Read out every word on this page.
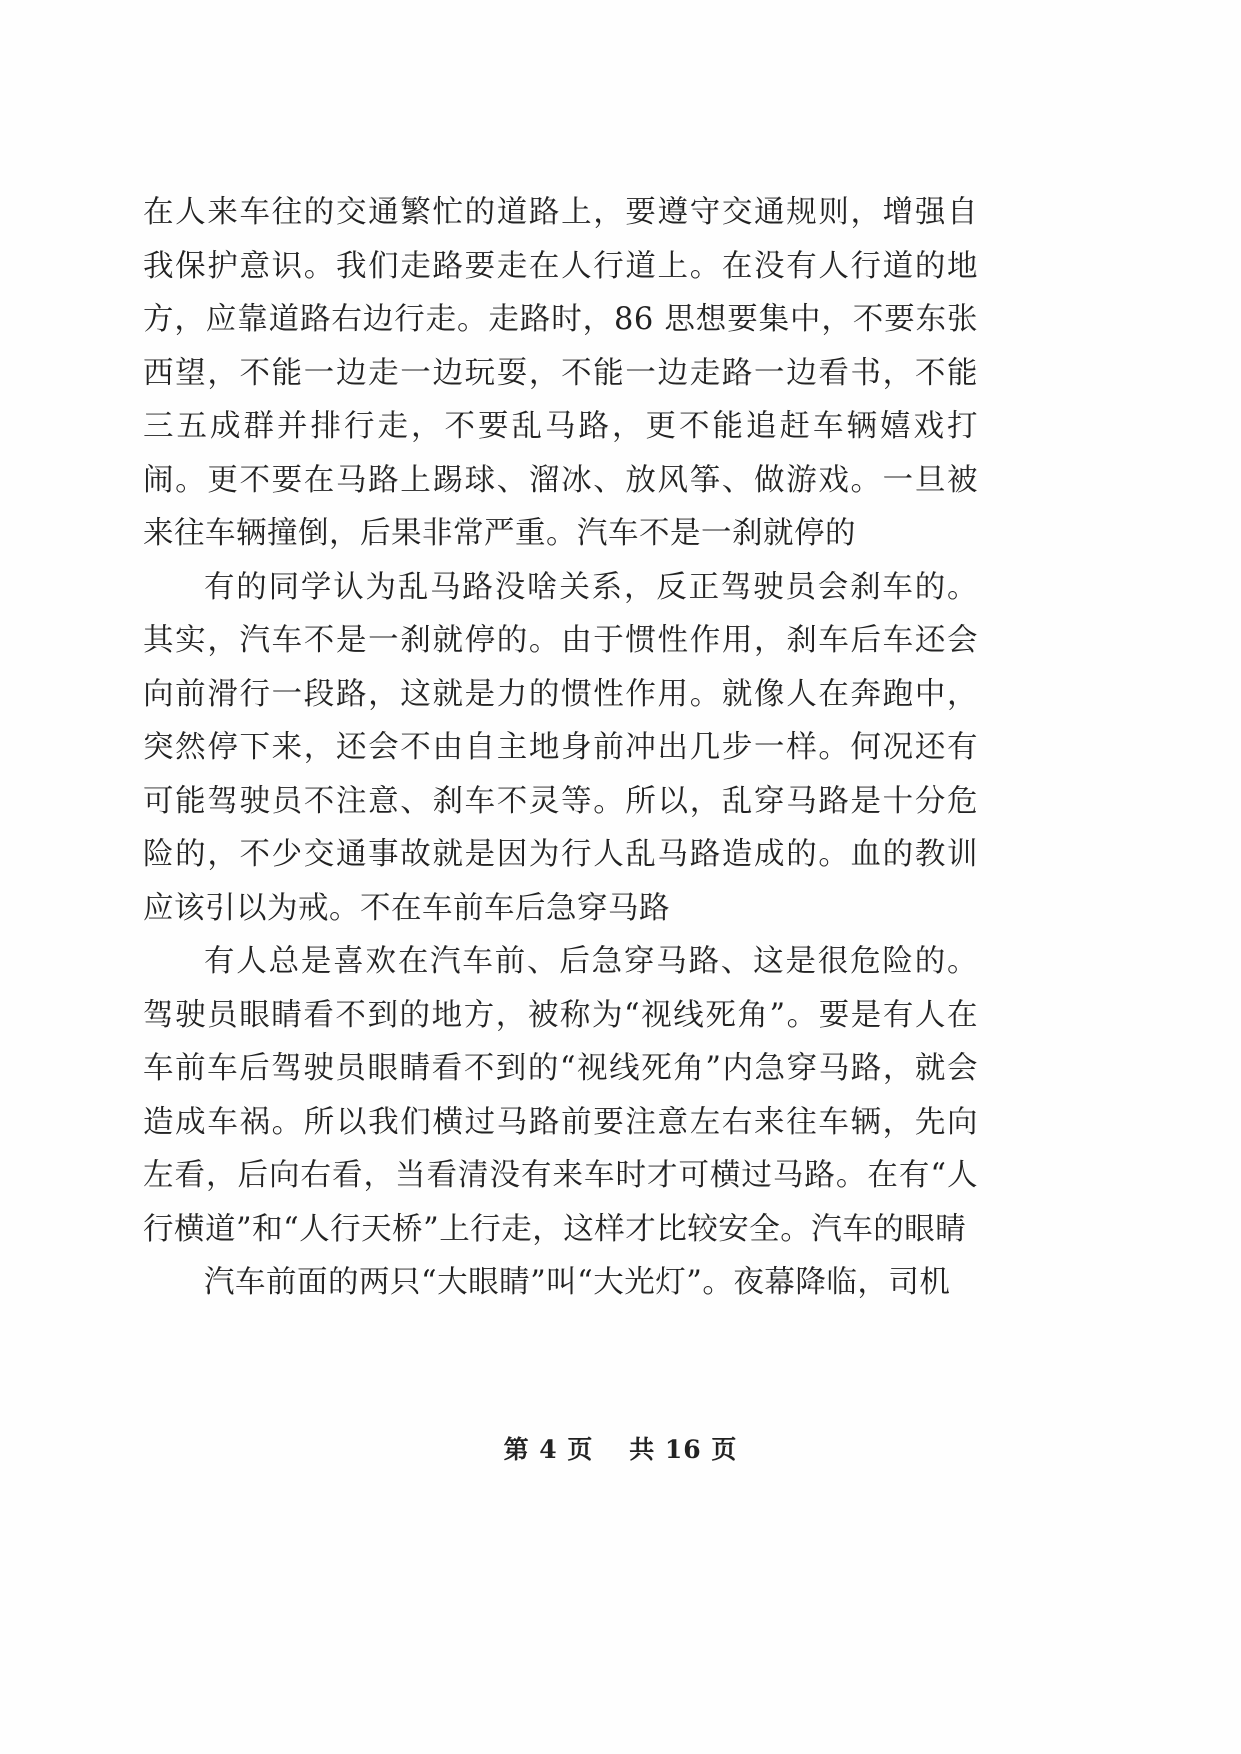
在人来车往的交通繁忙的道路上，要遵守交通规则，增强自我保护意识。我们走路要走在人行道上。在没有人行道的地方，应靠道路右边行走。走路时，86 思想要集中，不要东张西望，不能一边走一边玩耍，不能一边走路一边看书，不能三五成群并排行走，不要乱马路，更不能追赶车辆嬉戏打闹。更不要在马路上踢球、溜冰、放风筝、做游戏。一旦被来往车辆撞倒，后果非常严重。汽车不是一刹就停的

有的同学认为乱马路没啥关系，反正驾驶员会刹车的。其实，汽车不是一刹就停的。由于惯性作用，刹车后车还会向前滑行一段路，这就是力的惯性作用。就像人在奔跑中，突然停下来，还会不由自主地身前冲出几步一样。何况还有可能驾驶员不注意、刹车不灵等。所以，乱穿马路是十分危险的，不少交通事故就是因为行人乱马路造成的。血的教训应该引以为戒。不在车前车后急穿马路

有人总是喜欢在汽车前、后急穿马路、这是很危险的。驾驶员眼睛看不到的地方，被称为“视线死角”。要是有人在车前车后驾驶员眼睛看不到的“视线死角”内急穿马路，就会造成车祸。所以我们横过马路前要注意左右来往车辆，先向左看，后向右看，当看清没有来车时才可横过马路。在有“人行横道”和“人行天桥”上行走，这样才比较安全。汽车的眼睛

汽车前面的两只“大眼睛”叫“大光灯”。夜幕降临，司机

第 4 页 共 16 页
